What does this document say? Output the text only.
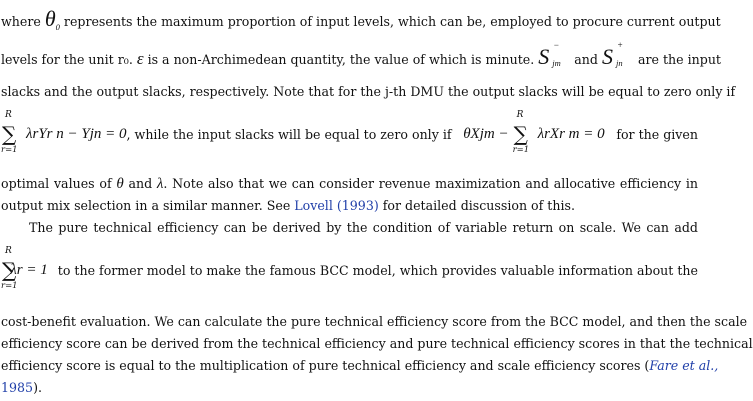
where $\theta_0$ represents the maximum proportion of input levels, which can be, employed to procure current output
levels for the unit r₀. ε is a non-Archimedean quantity, the value of which is minute. S −
jm and S +
jn are the input
slacks and the output slacks, respectively. Note that for the j-th DMU the output slacks will be equal to zero only if
∑
R
r=1
λrYr n − Yjn = 0 , while the input slacks will be equal to zero only if θXjm − ∑
R
r=1
λrXr m = 0 for the given
optimal values of θ and λ. Note also that we can consider revenue maximization and allocative efficiency in
output mix selection in a similar manner. See Lovell (1993) for detailed discussion of this.
The pure technical efficiency can be derived by the condition of variable return on scale. We can add
∑
R
r=1
λr = 1 to the former model to make the famous BCC model, which provides valuable information about the
cost-benefit evaluation. We can calculate the pure technical efficiency score from the BCC model, and then the scale
efficiency score can be derived from the technical efficiency and pure technical efficiency scores in that the technical
efficiency score is equal to the multiplication of pure technical efficiency and scale efficiency scores (Fare et al.,
1985).
